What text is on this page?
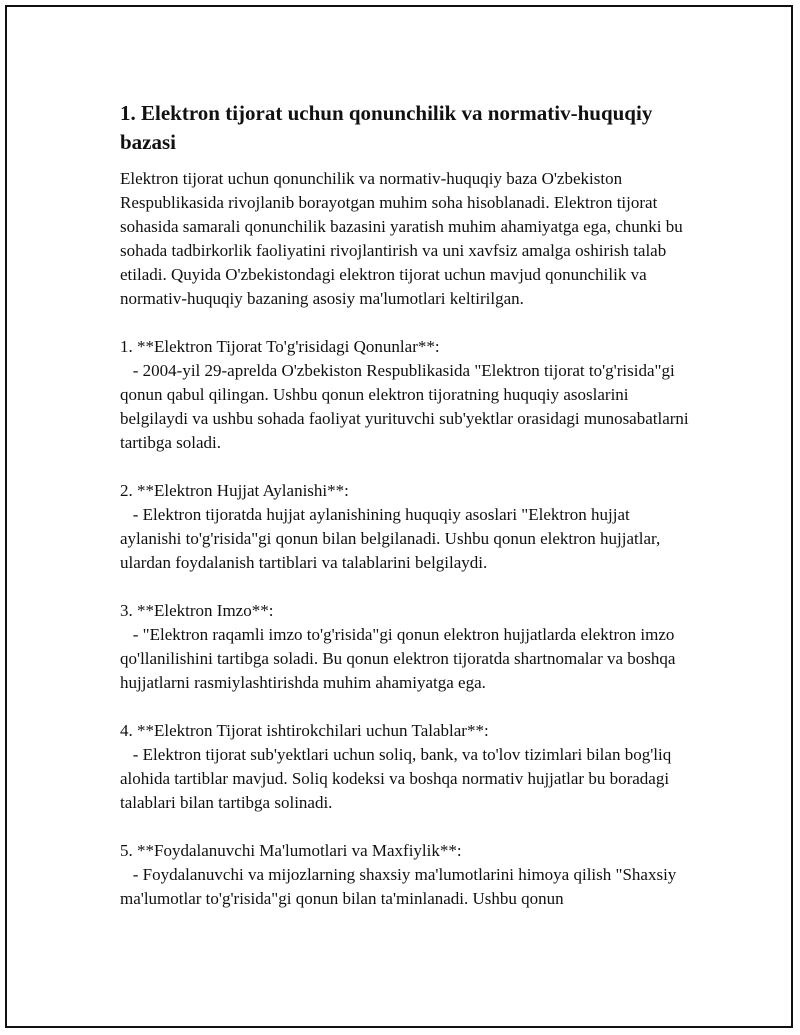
1. Elektron tijorat uchun qonunchilik va normativ-huquqiy bazasi

Elektron tijorat uchun qonunchilik va normativ-huquqiy baza O'zbekiston Respublikasida rivojlanib borayotgan muhim soha hisoblanadi. Elektron tijorat sohasida samarali qonunchilik bazasini yaratish muhim ahamiyatga ega, chunki bu sohada tadbirkorlik faoliyatini rivojlantirish va uni xavfsiz amalga oshirish talab etiladi. Quyida O'zbekistondagi elektron tijorat uchun mavjud qonunchilik va normativ-huquqiy bazaning asosiy ma'lumotlari keltirilgan.

1. **Elektron Tijorat To'g'risidagi Qonunlar**:

- 2004-yil 29-aprelda O'zbekiston Respublikasida "Elektron tijorat to'g'risida"gi qonun qabul qilingan. Ushbu qonun elektron tijoratning huquqiy asoslarini belgilaydi va ushbu sohada faoliyat yurituvchi sub'yektlar orasidagi munosabatlarni tartibga soladi.

2. **Elektron Hujjat Aylanishi**:

- Elektron tijoratda hujjat aylanishining huquqiy asoslari "Elektron hujjat aylanishi to'g'risida"gi qonun bilan belgilanadi. Ushbu qonun elektron hujjatlar, ulardan foydalanish tartiblari va talablarini belgilaydi.

3. **Elektron Imzo**:

- "Elektron raqamli imzo to'g'risida"gi qonun elektron hujjatlarda elektron imzo qo'llanilishini tartibga soladi. Bu qonun elektron tijoratda shartnomalar va boshqa hujjatlarni rasmiylashtirishda muhim ahamiyatga ega.

4. **Elektron Tijorat ishtirokchilari uchun Talablar**:

- Elektron tijorat sub'yektlari uchun soliq, bank, va to'lov tizimlari bilan bog'liq alohida tartiblar mavjud. Soliq kodeksi va boshqa normativ hujjatlar bu boradagi talablari bilan tartibga solinadi.

5. **Foydalanuvchi Ma'lumotlari va Maxfiylik**:

- Foydalanuvchi va mijozlarning shaxsiy ma'lumotlarini himoya qilish "Shaxsiy ma'lumotlar to'g'risida"gi qonun bilan ta'minlanadi. Ushbu qonun
